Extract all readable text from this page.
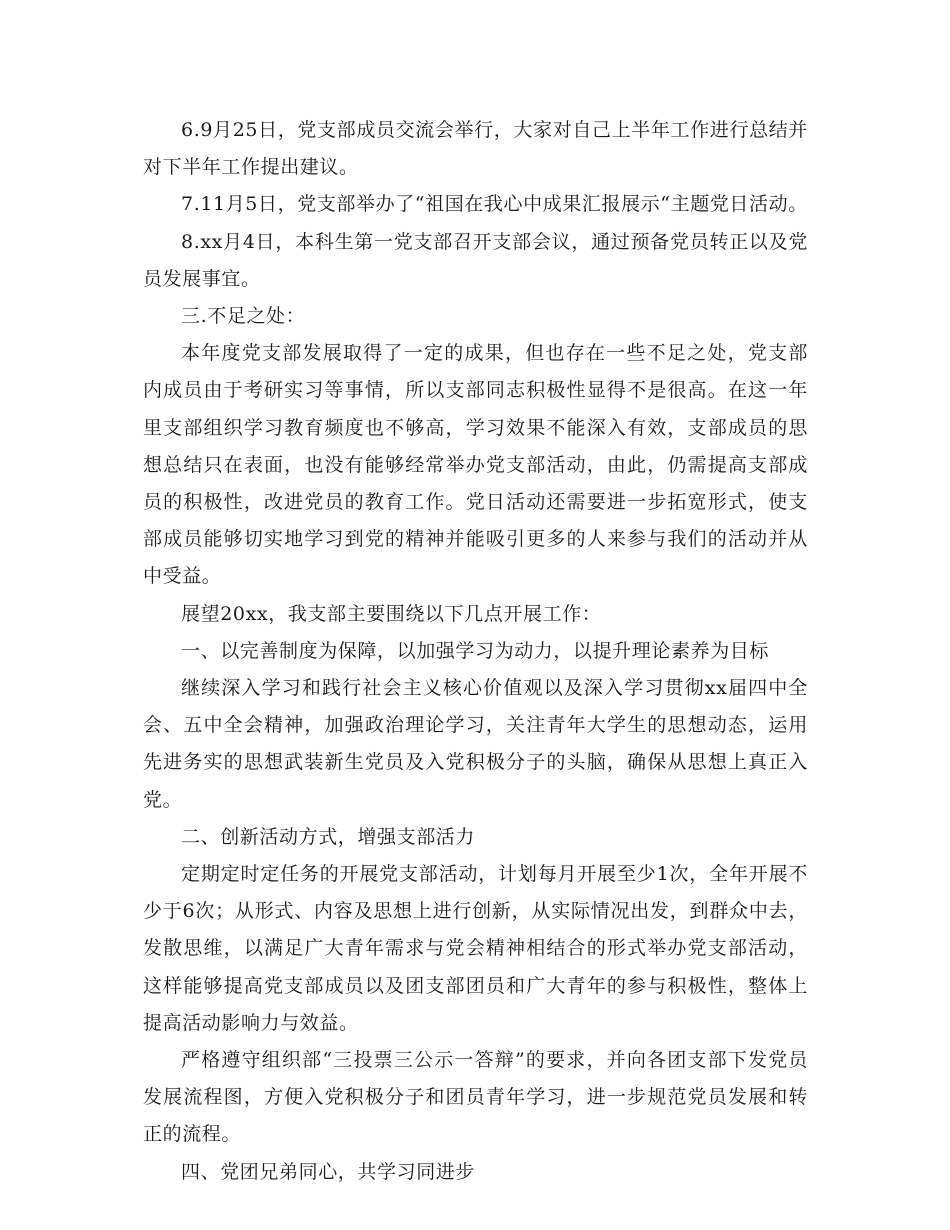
6.9月25日，党支部成员交流会举行，大家对自己上半年工作进行总结并对下半年工作提出建议。

7.11月5日，党支部举办了“祖国在我心中成果汇报展示“主题党日活动。

8.xx月4日，本科生第一党支部召开支部会议，通过预备党员转正以及党员发展事宜。

三.不足之处：

本年度党支部发展取得了一定的成果，但也存在一些不足之处，党支部内成员由于考研实习等事情，所以支部同志积极性显得不是很高。在这一年里支部组织学习教育频度也不够高，学习效果不能深入有效，支部成员的思想总结只在表面，也没有能够经常举办党支部活动，由此，仍需提高支部成员的积极性，改进党员的教育工作。党日活动还需要进一步拓宽形式，使支部成员能够切实地学习到党的精神并能吸引更多的人来参与我们的活动并从中受益。

展望20xx，我支部主要围绕以下几点开展工作：

一、以完善制度为保障，以加强学习为动力，以提升理论素养为目标

继续深入学习和践行社会主义核心价值观以及深入学习贯彻xx届四中全会、五中全会精神，加强政治理论学习，关注青年大学生的思想动态，运用先进务实的思想武装新生党员及入党积极分子的头脑，确保从思想上真正入党。

二、创新活动方式，增强支部活力

定期定时定任务的开展党支部活动，计划每月开展至少1次，全年开展不少于6次；从形式、内容及思想上进行创新，从实际情况出发，到群众中去，发散思维，以满足广大青年需求与党会精神相结合的形式举办党支部活动，这样能够提高党支部成员以及团支部团员和广大青年的参与积极性，整体上提高活动影响力与效益。

严格遵守组织部“三投票三公示一答辩”的要求，并向各团支部下发党员发展流程图，方便入党积极分子和团员青年学习，进一步规范党员发展和转正的流程。

四、党团兄弟同心，共学习同进步
